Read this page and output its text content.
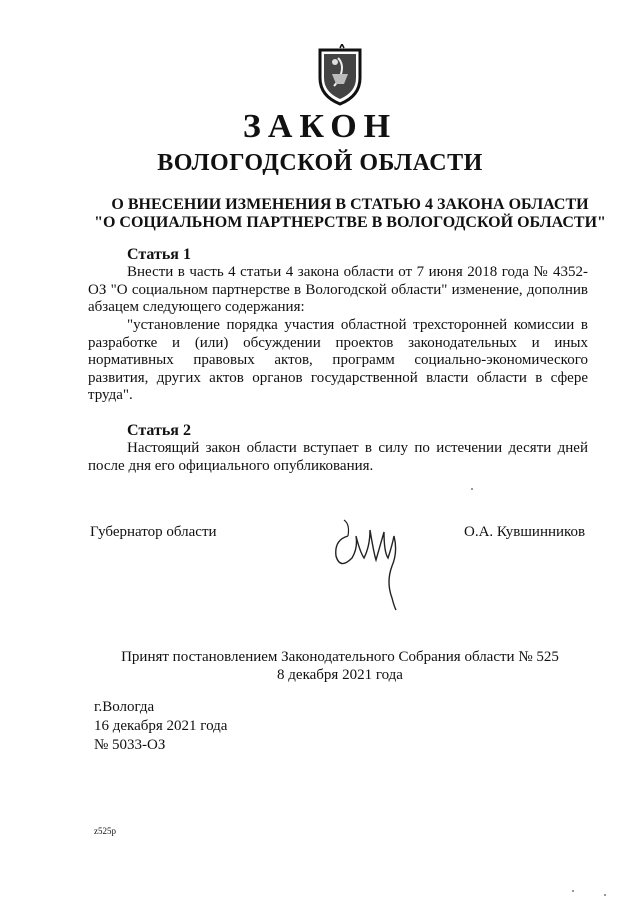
ЗАКОН
ВОЛОГОДСКОЙ ОБЛАСТИ
О ВНЕСЕНИИ ИЗМЕНЕНИЯ В СТАТЬЮ 4 ЗАКОНА ОБЛАСТИ
"О СОЦИАЛЬНОМ ПАРТНЕРСТВЕ В ВОЛОГОДСКОЙ ОБЛАСТИ"
Статья 1
Внести в часть 4 статьи 4 закона области от 7 июня 2018 года № 4352-ОЗ "О социальном партнерстве в Вологодской области" изменение, дополнив абзацем следующего содержания:
"установление порядка участия областной трехсторонней комиссии в разработке и (или) обсуждении проектов законодательных и иных нормативных правовых актов, программ социально-экономического развития, других актов органов государственной власти области в сфере труда".
Статья 2
Настоящий закон области вступает в силу по истечении десяти дней после дня его официального опубликования.
Губернатор области	О.А. Кувшинников
Принят постановлением Законодательного Собрания области № 525
8 декабря 2021 года
г.Вологда
16 декабря 2021 года
№ 5033-ОЗ
z525p
